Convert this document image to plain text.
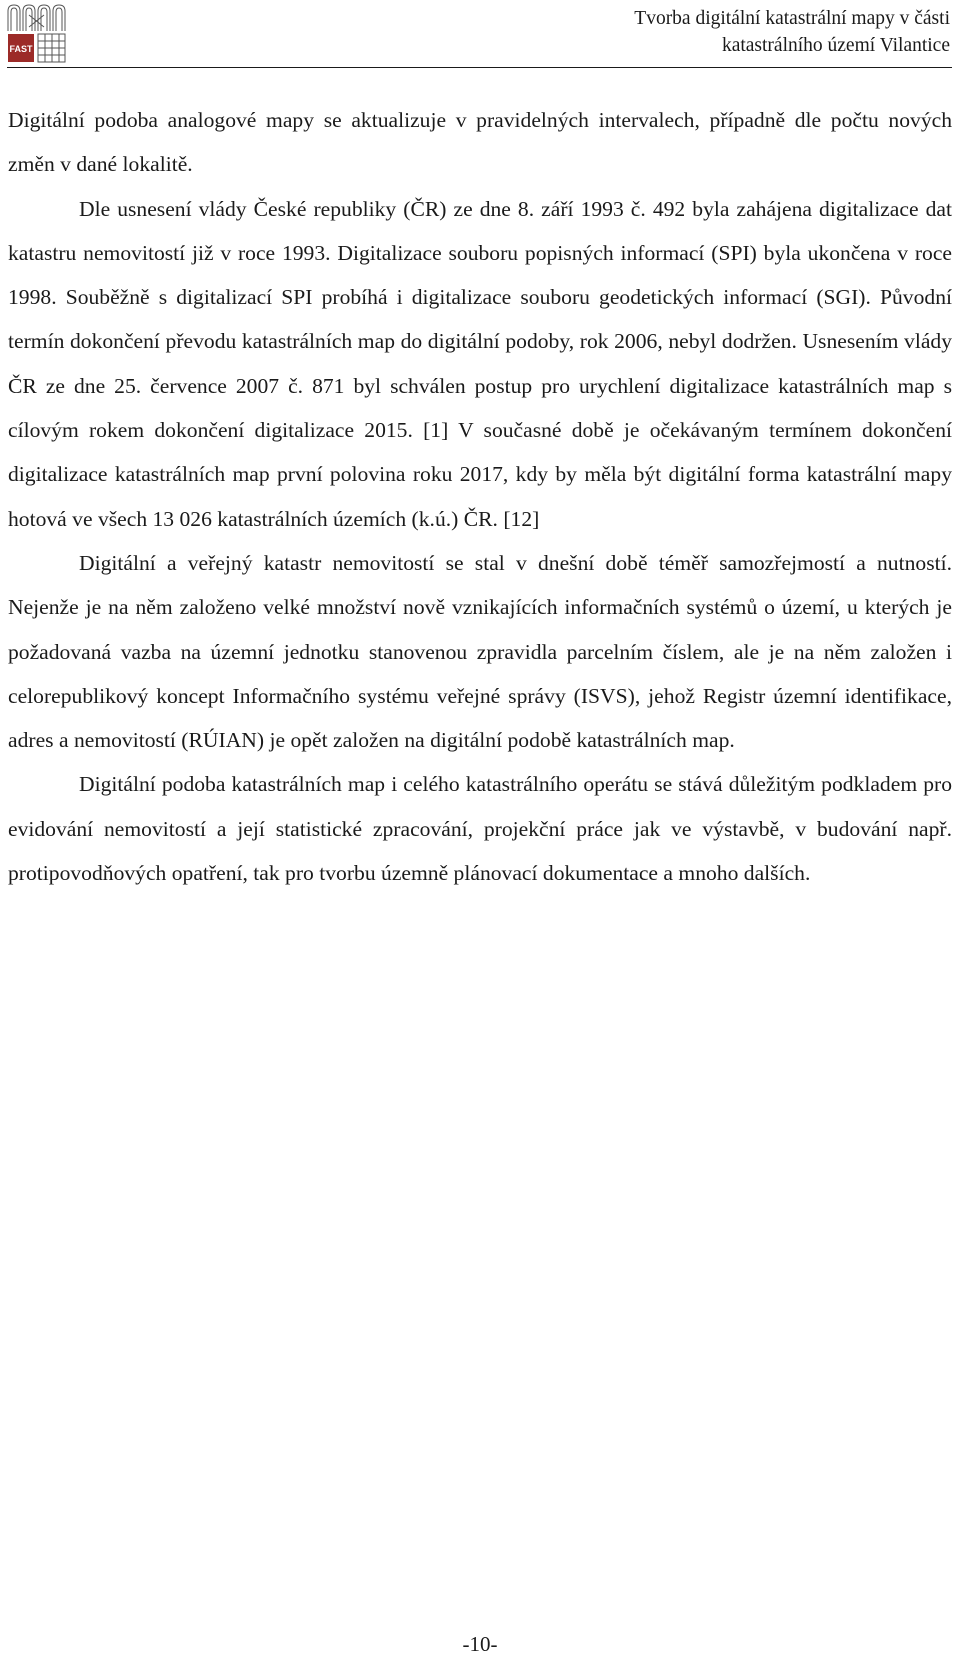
FAST
Tvorba digitální katastrální mapy v části
katastrálního území Vilantice

Digitální podoba analogové mapy se aktualizuje v pravidelných intervalech, případně dle počtu nových změn v dané lokalitě.

Dle usnesení vlády České republiky (ČR) ze dne 8. září 1993 č. 492 byla zahájena digitalizace dat katastru nemovitostí již v roce 1993. Digitalizace souboru popisných informací (SPI) byla ukončena v roce 1998. Souběžně s digitalizací SPI probíhá i digitalizace souboru geodetických informací (SGI). Původní termín dokončení převodu katastrálních map do digitální podoby, rok 2006, nebyl dodržen. Usnesením vlády ČR ze dne 25. července 2007 č. 871 byl schválen postup pro urychlení digitalizace katastrálních map s cílovým rokem dokončení digitalizace 2015. [1] V současné době je očekávaným termínem dokončení digitalizace katastrálních map první polovina roku 2017, kdy by měla být digitální forma katastrální mapy hotová ve všech 13 026 katastrálních územích (k.ú.) ČR. [12]

Digitální a veřejný katastr nemovitostí se stal v dnešní době téměř samozřejmostí a nutností. Nejenže je na něm založeno velké množství nově vznikajících informačních systémů o území, u kterých je požadovaná vazba na územní jednotku stanovenou zpravidla parcelním číslem, ale je na něm založen i celorepublikový koncept Informačního systému veřejné správy (ISVS), jehož Registr územní identifikace, adres a nemovitostí (RÚIAN) je opět založen na digitální podobě katastrálních map.

Digitální podoba katastrálních map i celého katastrálního operátu se stává důležitým podkladem pro evidování nemovitostí a její statistické zpracování, projekční práce jak ve výstavbě, v budování např. protipovodňových opatření, tak pro tvorbu územně plánovací dokumentace a mnoho dalších.

-10-
